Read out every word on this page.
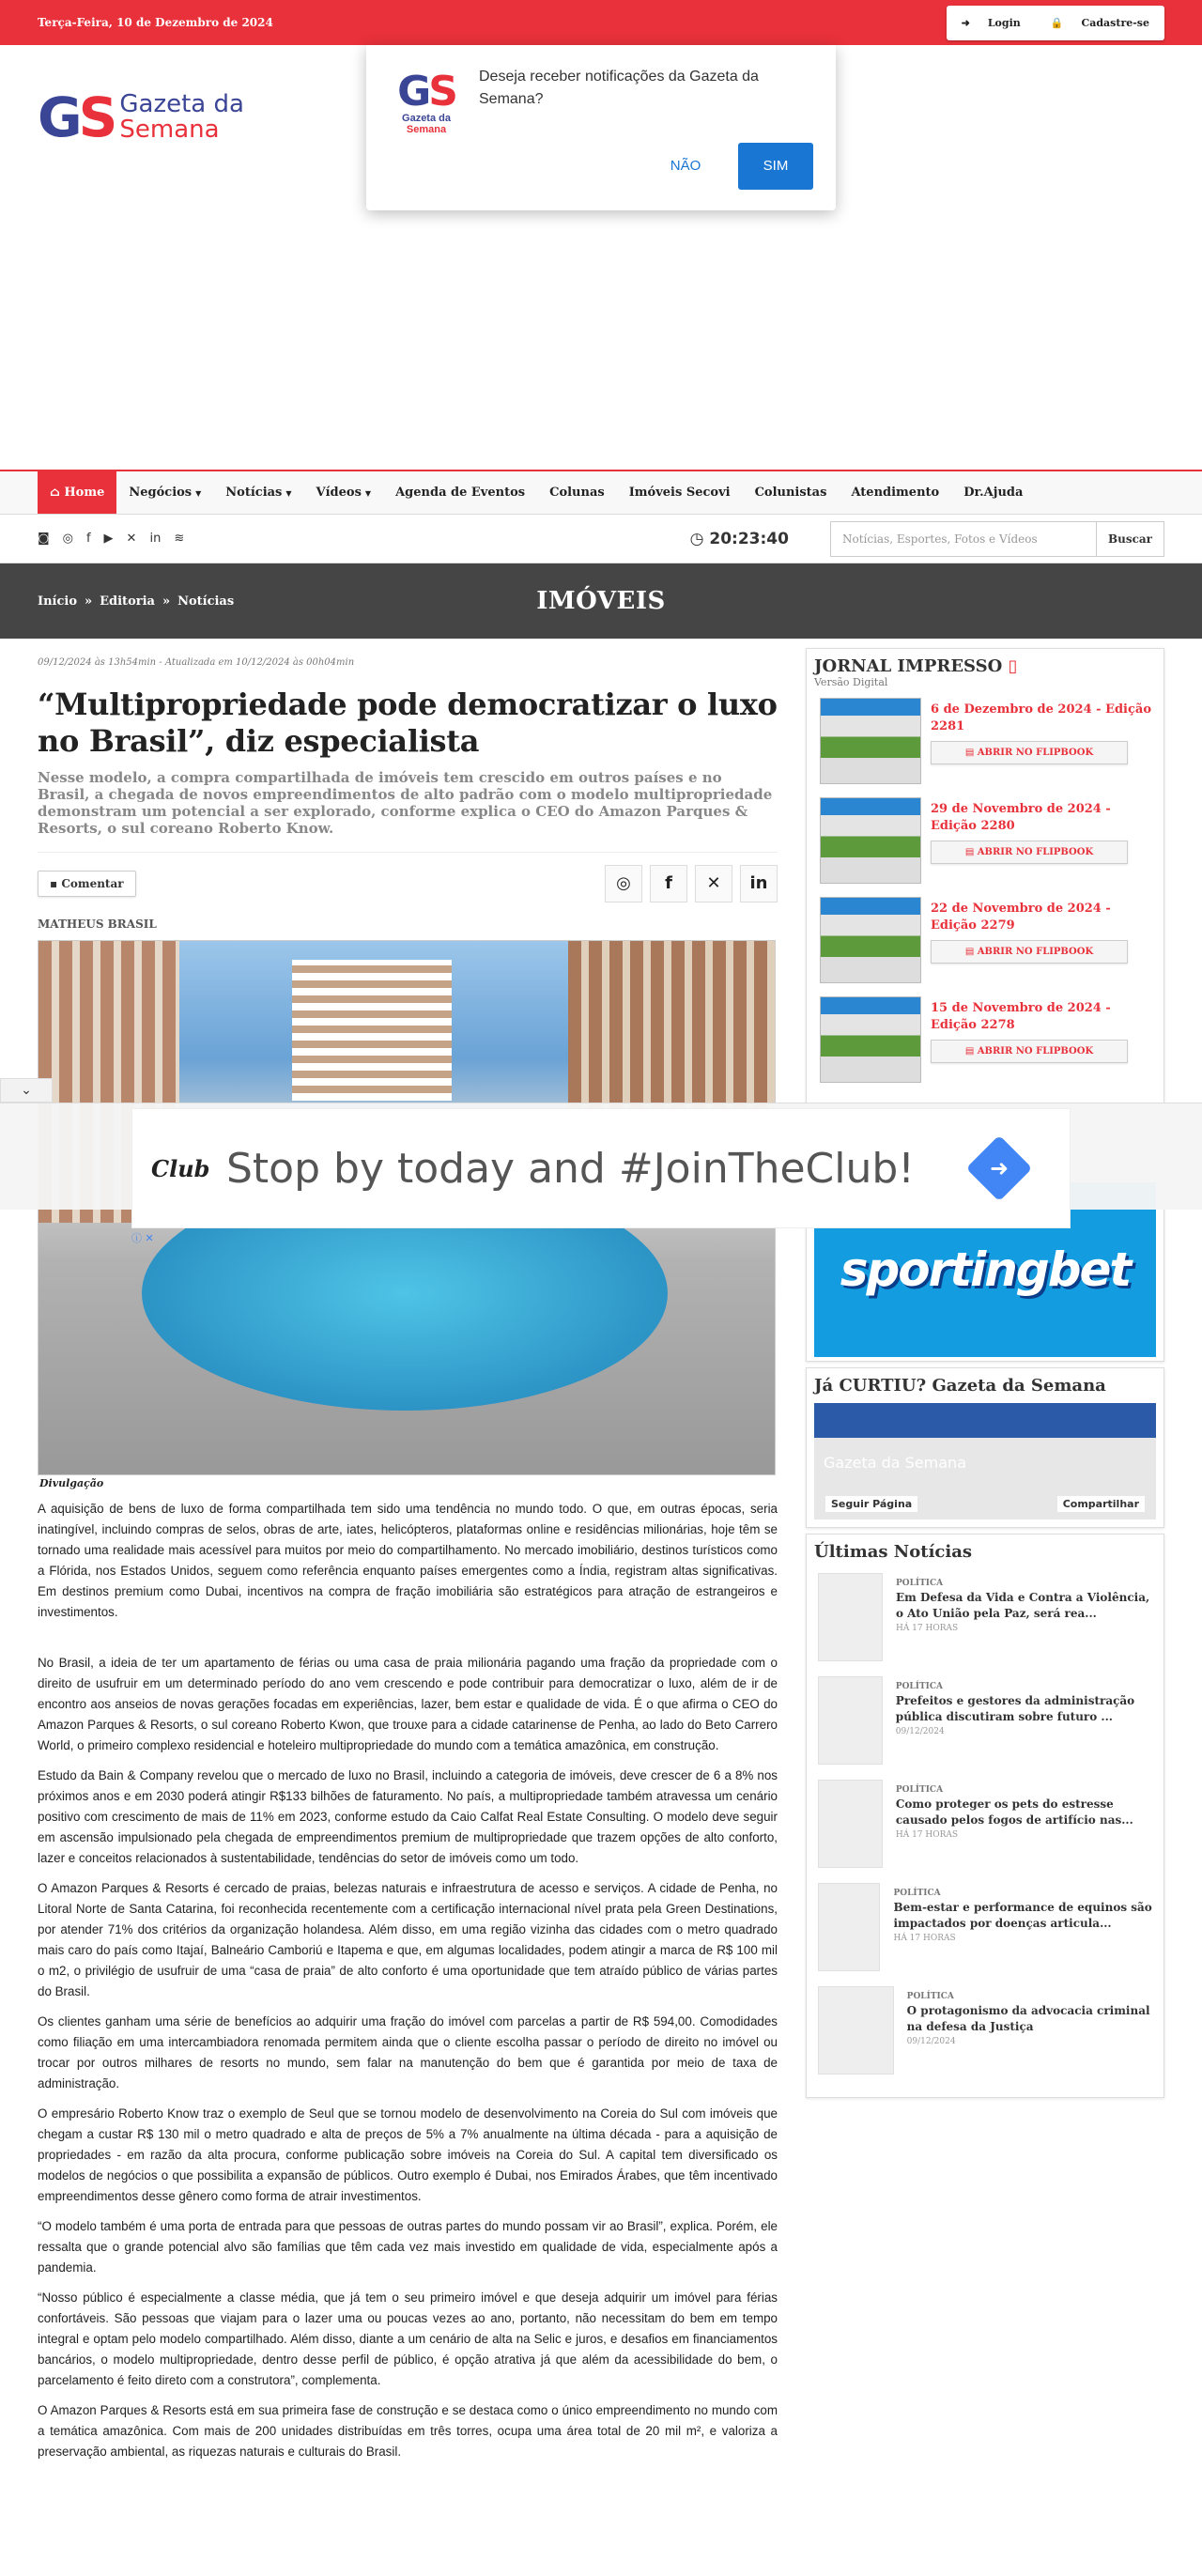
Terça-Feira, 10 de Dezembro de 2024	➜	Login	🔒	Cadastre-se
GS Gazeta da
Semana
GS
Gazeta da
Semana
Deseja receber notificações da Gazeta da Semana?
NÃO	SIM
⌂ Home Negócios ▼ Notícias ▼ Vídeos ▼	Agenda de Eventos	Colunas	Imóveis Secovi	Colunistas	Atendimento	Dr.Ajuda
◙ ◎ f ▶ ✕ in ≋	◷ 20:23:40	Notícias, Esportes, Fotos e Vídeos	Buscar
Início » Editoria » Notícias	IMÓVEIS
09/12/2024 às 13h54min - Atualizada em 10/12/2024 às 00h04min
“Multipropriedade pode democratizar o luxo no Brasil”, diz especialista
Nesse modelo, a compra compartilhada de imóveis tem crescido em outros países e no Brasil, a chegada de novos empreendimentos de alto padrão com o modelo multipropriedade demonstram um potencial a ser explorado, conforme explica o CEO do Amazon Parques & Resorts, o sul coreano Roberto Know.
▪ Comentar	◎	f	✕	in
MATHEUS BRASIL
Divulgação

A aquisição de bens de luxo de forma compartilhada tem sido uma tendência no mundo todo. O que, em outras épocas, seria inatingível, incluindo compras de selos, obras de arte, iates, helicópteros, plataformas online e residências milionárias, hoje têm se tornado uma realidade mais acessível para muitos por meio do compartilhamento. No mercado imobiliário, destinos turísticos como a Flórida, nos Estados Unidos, seguem como referência enquanto países emergentes como a Índia, registram altas significativas. Em destinos premium como Dubai, incentivos na compra de fração imobiliária são estratégicos para atração de estrangeiros e investimentos.

No Brasil, a ideia de ter um apartamento de férias ou uma casa de praia milionária pagando uma fração da propriedade com o direito de usufruir em um determinado período do ano vem crescendo e pode contribuir para democratizar o luxo, além de ir de encontro aos anseios de novas gerações focadas em experiências, lazer, bem estar e qualidade de vida. É o que afirma o CEO do Amazon Parques & Resorts, o sul coreano Roberto Kwon, que trouxe para a cidade catarinense de Penha, ao lado do Beto Carrero World, o primeiro complexo residencial e hoteleiro multipropriedade do mundo com a temática amazônica, em construção.

Estudo da Bain & Company revelou que o mercado de luxo no Brasil, incluindo a categoria de imóveis, deve crescer de 6 a 8% nos próximos anos e em 2030 poderá atingir R$133 bilhões de faturamento. No país, a multipropriedade também atravessa um cenário positivo com crescimento de mais de 11% em 2023, conforme estudo da Caio Calfat Real Estate Consulting. O modelo deve seguir em ascensão impulsionado pela chegada de empreendimentos premium de multipropriedade que trazem opções de alto conforto, lazer e conceitos relacionados à sustentabilidade, tendências do setor de imóveis como um todo.

O Amazon Parques & Resorts é cercado de praias, belezas naturais e infraestrutura de acesso e serviços. A cidade de Penha, no Litoral Norte de Santa Catarina, foi reconhecida recentemente com a certificação internacional nível prata pela Green Destinations, por atender 71% dos critérios da organização holandesa. Além disso, em uma região vizinha das cidades com o metro quadrado mais caro do país como Itajaí, Balneário Camboriú e Itapema e que, em algumas localidades, podem atingir a marca de R$ 100 mil o m2, o privilégio de usufruir de uma “casa de praia” de alto conforto é uma oportunidade que tem atraído público de várias partes do Brasil.

Os clientes ganham uma série de benefícios ao adquirir uma fração do imóvel com parcelas a partir de R$ 594,00. Comodidades como filiação em uma intercambiadora renomada permitem ainda que o cliente escolha passar o período de direito no imóvel ou trocar por outros milhares de resorts no mundo, sem falar na manutenção do bem que é garantida por meio de taxa de administração.

O empresário Roberto Know traz o exemplo de Seul que se tornou modelo de desenvolvimento na Coreia do Sul com imóveis que chegam a custar R$ 130 mil o metro quadrado e alta de preços de 5% a 7% anualmente na última década - para a aquisição de propriedades - em razão da alta procura, conforme publicação sobre imóveis na Coreia do Sul. A capital tem diversificado os modelos de negócios o que possibilita a expansão de públicos. Outro exemplo é Dubai, nos Emirados Árabes, que têm incentivado empreendimentos desse gênero como forma de atrair investimentos.

“O modelo também é uma porta de entrada para que pessoas de outras partes do mundo possam vir ao Brasil”, explica. Porém, ele ressalta que o grande potencial alvo são famílias que têm cada vez mais investido em qualidade de vida, especialmente após a pandemia.

“Nosso público é especialmente a classe média, que já tem o seu primeiro imóvel e que deseja adquirir um imóvel para férias confortáveis. São pessoas que viajam para o lazer uma ou poucas vezes ao ano, portanto, não necessitam do bem em tempo integral e optam pelo modelo compartilhado. Além disso, diante a um cenário de alta na Selic e juros, e desafios em financiamentos bancários, o modelo multipropriedade, dentro desse perfil de público, é opção atrativa já que além da acessibilidade do bem, o parcelamento é feito direto com a construtora”, complementa.

O Amazon Parques & Resorts está em sua primeira fase de construção e se destaca como o único empreendimento no mundo com a temática amazônica. Com mais de 200 unidades distribuídas em três torres, ocupa uma área total de 20 mil m², e valoriza a preservação ambiental, as riquezas naturais e culturais do Brasil.

JORNAL IMPRESSO ▯
Versão Digital
6 de Dezembro de 2024 - Edição 2281
▤ ABRIR NO FLIPBOOK
29 de Novembro de 2024 - Edição 2280
▤ ABRIR NO FLIPBOOK
22 de Novembro de 2024 - Edição 2279
▤ ABRIR NO FLIPBOOK
15 de Novembro de 2024 - Edição 2278
▤ ABRIR NO FLIPBOOK
sportingbet
Já CURTIU? Gazeta da Semana
Gazeta da Semana
Seguir Página	Compartilhar
Últimas Notícias
POLÍTICA
Em Defesa da Vida e Contra a Violência, o Ato União pela Paz, será rea...
HÁ 17 HORAS
POLÍTICA
Prefeitos e gestores da administração pública discutiram sobre futuro ...
09/12/2024
POLÍTICA
Como proteger os pets do estresse causado pelos fogos de artifício nas...
HÁ 17 HORAS
POLÍTICA
Bem-estar e performance de equinos são impactados por doenças articula...
HÁ 17 HORAS
POLÍTICA
O protagonismo da advocacia criminal na defesa da Justiça
09/12/2024
⌄
Club Stop by today and #JoinTheClub!	➜
ⓘ ✕
